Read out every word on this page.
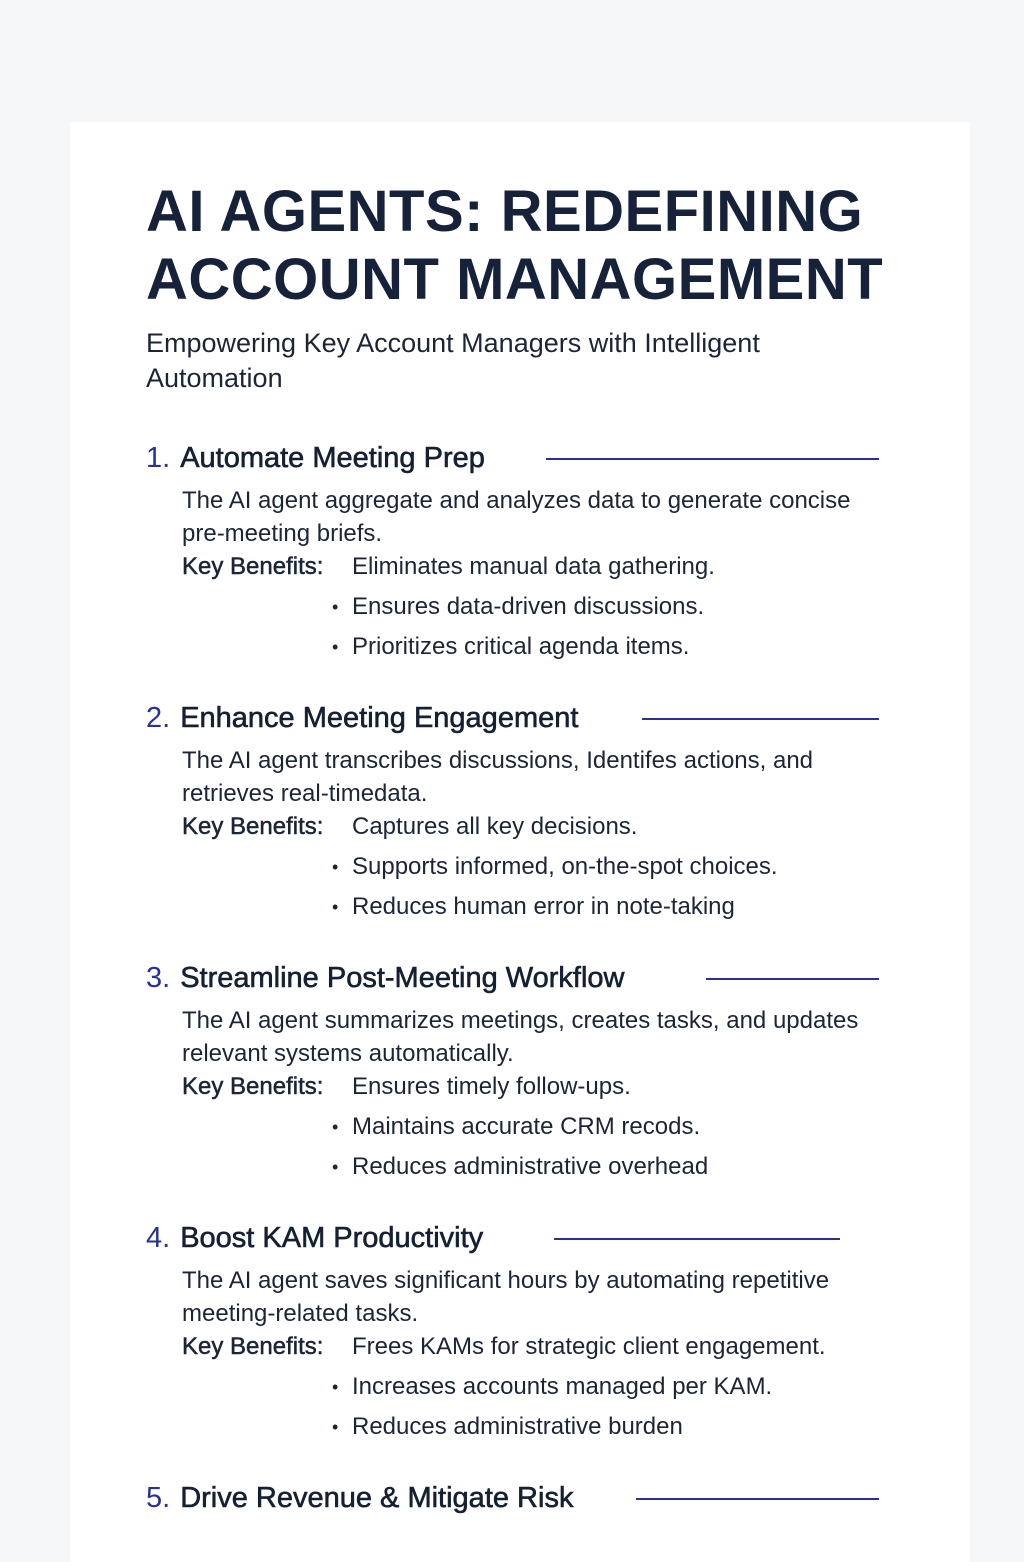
AI AGENTS: REDEFINING
ACCOUNT MANAGEMENT
Empowering Key Account Managers with Intelligent Automation
1. Automate Meeting Prep
The AI agent aggregate and analyzes data to generate concise pre-meeting briefs.
Key Benefits: Eliminates manual data gathering.
• Ensures data-driven discussions.
• Prioritizes critical agenda items.
2. Enhance Meeting Engagement
The AI agent transcribes discussions, Identifes actions, and retrieves real-timedata.
Key Benefits: Captures all key decisions.
• Supports informed, on-the-spot choices.
• Reduces human error in note-taking
3. Streamline Post-Meeting Workflow
The AI agent summarizes meetings, creates tasks, and updates relevant systems automatically.
Key Benefits: Ensures timely follow-ups.
• Maintains accurate CRM recods.
• Reduces administrative overhead
4. Boost KAM Productivity
The AI agent saves significant hours by automating repetitive meeting-related tasks.
Key Benefits: Frees KAMs for strategic client engagement.
• Increases accounts managed per KAM.
• Reduces administrative burden
5. Drive Revenue & Mitigate Risk
